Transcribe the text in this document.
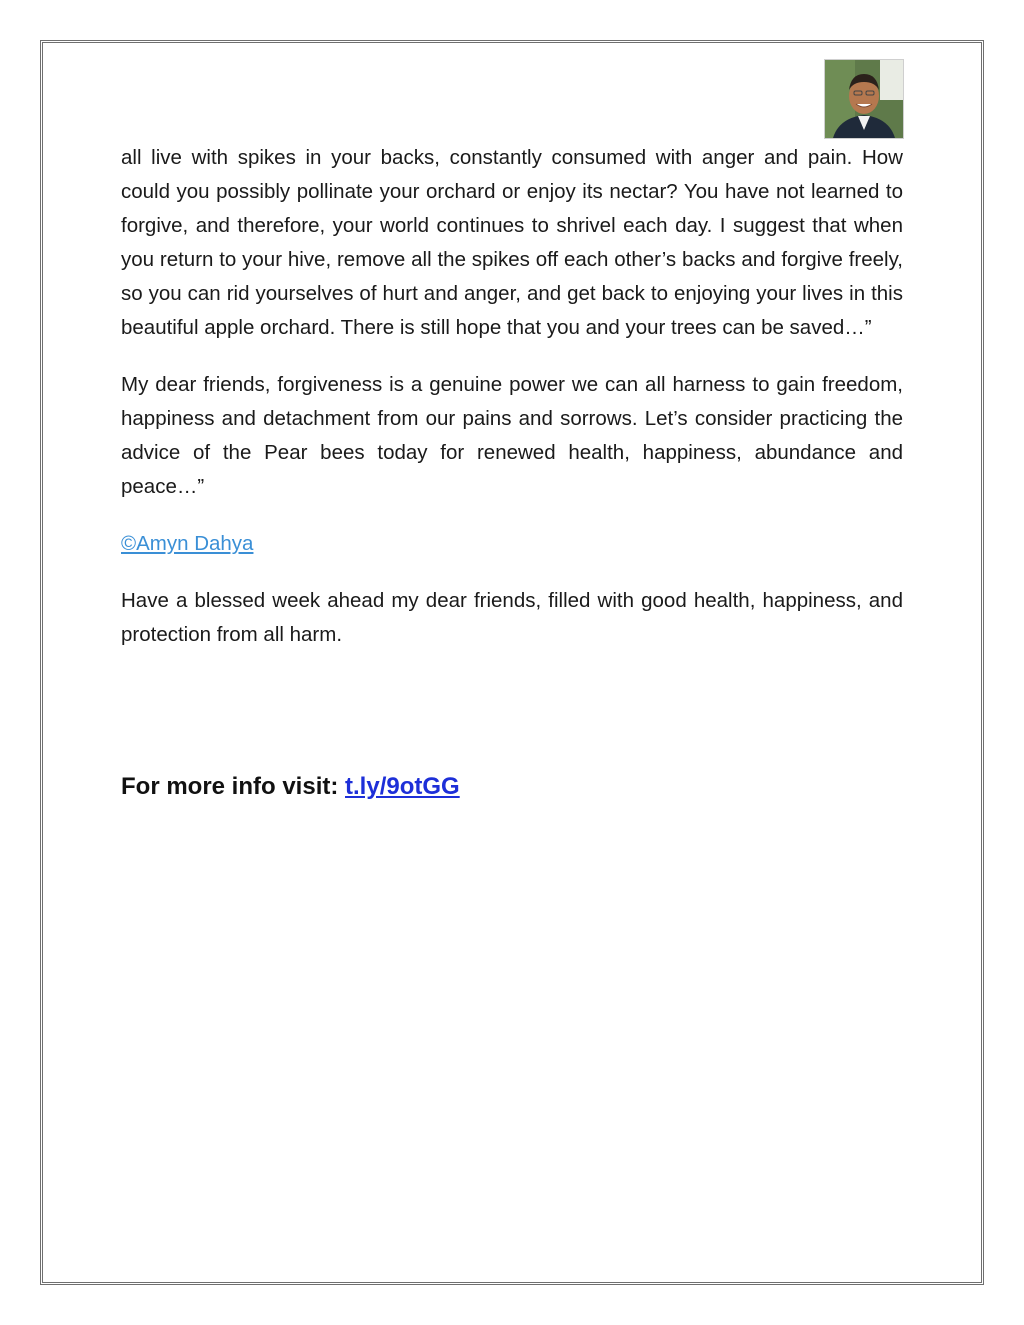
all live with spikes in your backs, constantly consumed with anger and pain. How could you possibly pollinate your orchard or enjoy its nectar? You have not learned to forgive, and therefore, your world continues to shrivel each day. I suggest that when you return to your hive, remove all the spikes off each other’s backs and forgive freely, so you can rid yourselves of hurt and anger, and get back to enjoying your lives in this beautiful apple orchard. There is still hope that you and your trees can be saved…”

My dear friends, forgiveness is a genuine power we can all harness to gain freedom, happiness and detachment from our pains and sorrows. Let’s consider practicing the advice of the Pear bees today for renewed health, happiness, abundance and peace…”

©Amyn Dahya

Have a blessed week ahead my dear friends, filled with good health, happiness, and protection from all harm.

For more info visit: t.ly/9otGG
